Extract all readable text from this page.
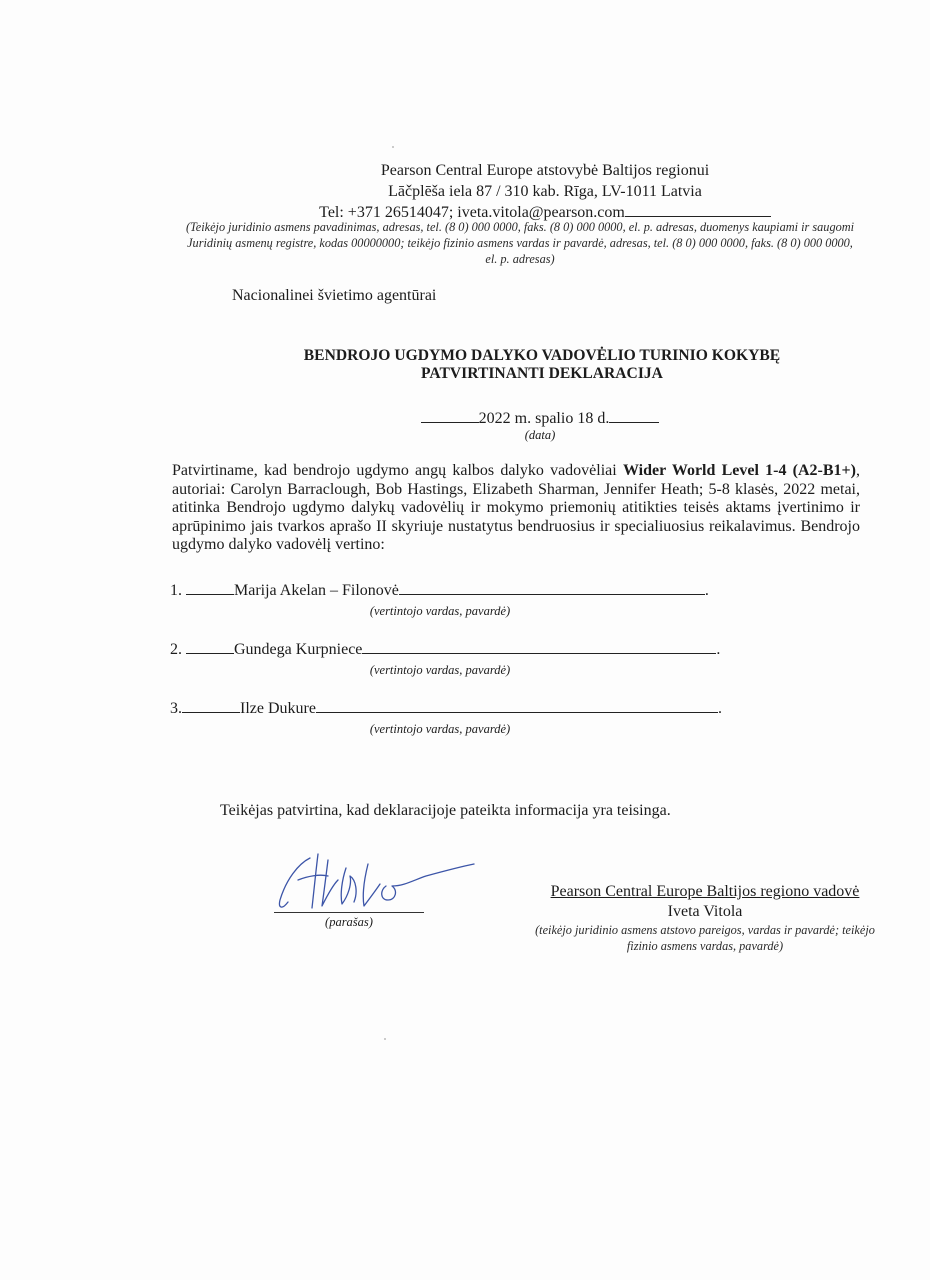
Pearson Central Europe atstovybė Baltijos regionui
Lāčplēša iela 87 / 310 kab. Rīga, LV-1011 Latvia
Tel: +371 26514047; iveta.vitola@pearson.com
(Teikėjo juridinio asmens pavadinimas, adresas, tel. (8 0) 000 0000, faks. (8 0) 000 0000, el. p. adresas, duomenys kaupiami ir saugomi Juridinių asmenų registre, kodas 00000000; teikėjo fizinio asmens vardas ir pavardė, adresas, tel. (8 0) 000 0000, faks. (8 0) 000 0000, el. p. adresas)
Nacionalinei švietimo agentūrai
BENDROJO UGDYMO DALYKO VADOVĖLIO TURINIO KOKYBĘ
PATVIRTINANTI DEKLARACIJA
2022 m. spalio 18 d.
(data)
Patvirtiname, kad bendrojo ugdymo angų kalbos dalyko vadovėliai Wider World Level 1-4 (A2-B1+), autoriai: Carolyn Barraclough, Bob Hastings, Elizabeth Sharman, Jennifer Heath; 5-8 klasės, 2022 metai, atitinka Bendrojo ugdymo dalykų vadovėlių ir mokymo priemonių atitikties teisės aktams įvertinimo ir aprūpinimo jais tvarkos aprašo II skyriuje nustatytus bendruosius ir specialiuosius reikalavimus. Bendrojo ugdymo dalyko vadovėlį vertino:
1.	Marija Akelan – Filonovė	.
(vertintojo vardas, pavardė)
2.	Gundega Kurpniece	.
(vertintojo vardas, pavardė)
3.	Ilze Dukure	.
(vertintojo vardas, pavardė)
Teikėjas patvirtina, kad deklaracijoje pateikta informacija yra teisinga.
(parašas)
Pearson Central Europe Baltijos regiono vadovė
Iveta Vitola
(teikėjo juridinio asmens atstovo pareigos, vardas ir pavardė; teikėjo fizinio asmens vardas, pavardė)
